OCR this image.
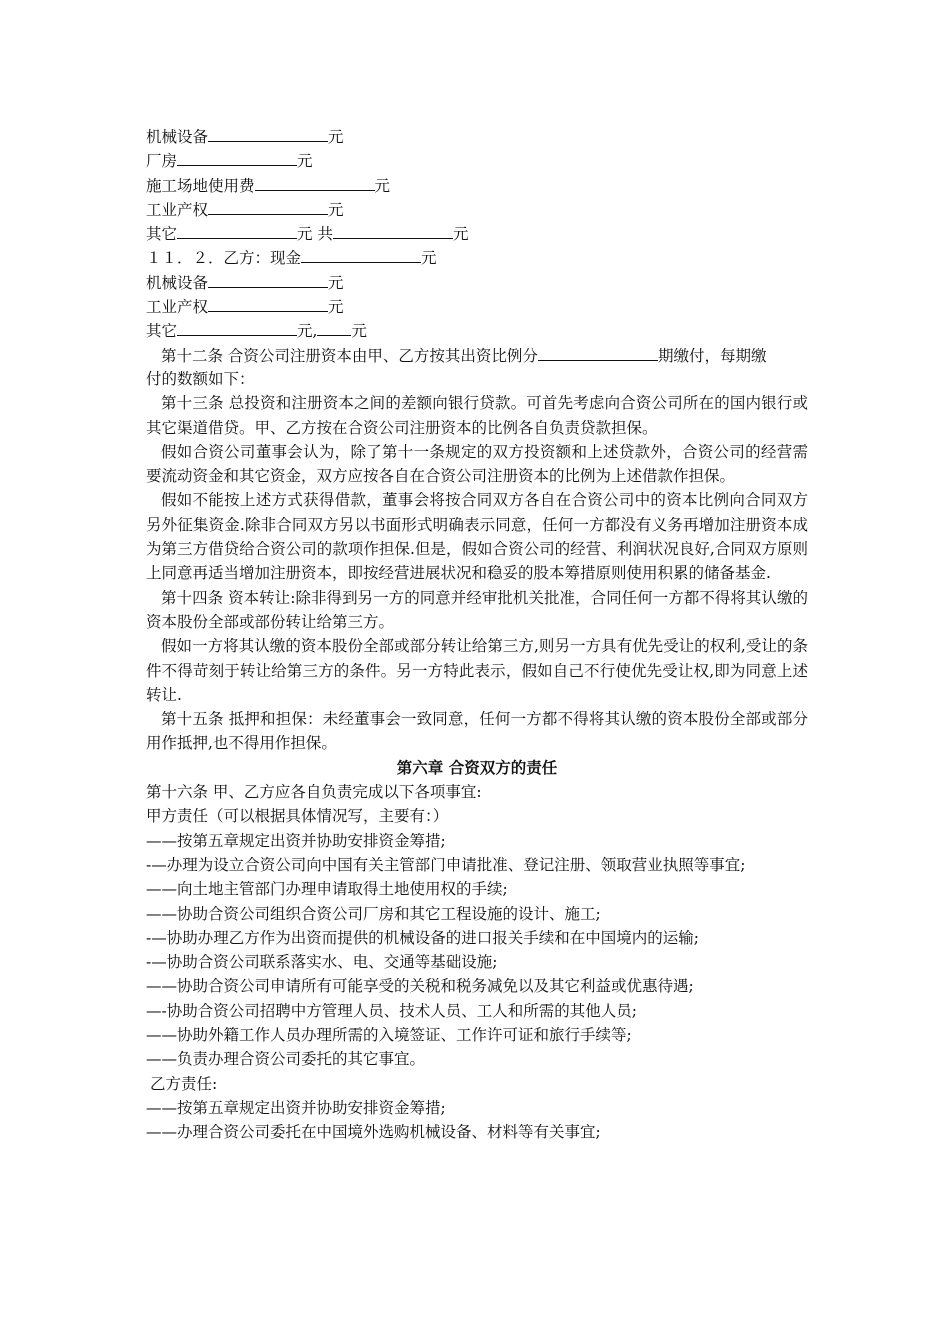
机械设备	元
厂房	元
施工场地使用费	元
工业产权	元
其它	元 共	元
１１．２．乙方：现金	元
机械设备	元
工业产权	元
其它	元, 元
第十二条 合资公司注册资本由甲、乙方按其出资比例分	期缴付，每期缴
付的数额如下：
第十三条 总投资和注册资本之间的差额向银行贷款。可首先考虑向合资公司所在的国内银行或其它渠道借贷。甲、乙方按在合资公司注册资本的比例各自负责贷款担保。
假如合资公司董事会认为，除了第十一条规定的双方投资额和上述贷款外，合资公司的经营需要流动资金和其它资金，双方应按各自在合资公司注册资本的比例为上述借款作担保。
假如不能按上述方式获得借款，董事会将按合同双方各自在合资公司中的资本比例向合同双方另外征集资金.除非合同双方另以书面形式明确表示同意，任何一方都没有义务再增加注册资本成为第三方借贷给合资公司的款项作担保.但是，假如合资公司的经营、利润状况良好,合同双方原则上同意再适当增加注册资本，即按经营进展状况和稳妥的股本筹措原则使用积累的储备基金.
第十四条 资本转让:除非得到另一方的同意并经审批机关批准，合同任何一方都不得将其认缴的资本股份全部或部份转让给第三方。
假如一方将其认缴的资本股份全部或部分转让给第三方,则另一方具有优先受让的权利,受让的条件不得苛刻于转让给第三方的条件。另一方特此表示，假如自己不行使优先受让权,即为同意上述转让.
第十五条 抵押和担保：未经董事会一致同意，任何一方都不得将其认缴的资本股份全部或部分用作抵押,也不得用作担保。
第六章 合资双方的责任
第十六条 甲、乙方应各自负责完成以下各项事宜:
甲方责任（可以根据具体情况写，主要有：）
——按第五章规定出资并协助安排资金筹措;
-—办理为设立合资公司向中国有关主管部门申请批准、登记注册、领取营业执照等事宜;
——向土地主管部门办理申请取得土地使用权的手续;
——协助合资公司组织合资公司厂房和其它工程设施的设计、施工;
-—协助办理乙方作为出资而提供的机械设备的进口报关手续和在中国境内的运输;
-—协助合资公司联系落实水、电、交通等基础设施;
——协助合资公司申请所有可能享受的关税和税务减免以及其它利益或优惠待遇;
—-协助合资公司招聘中方管理人员、技术人员、工人和所需的其他人员;
——协助外籍工作人员办理所需的入境签证、工作许可证和旅行手续等;
——负责办理合资公司委托的其它事宜。
乙方责任:
——按第五章规定出资并协助安排资金筹措;
——办理合资公司委托在中国境外选购机械设备、材料等有关事宜;
